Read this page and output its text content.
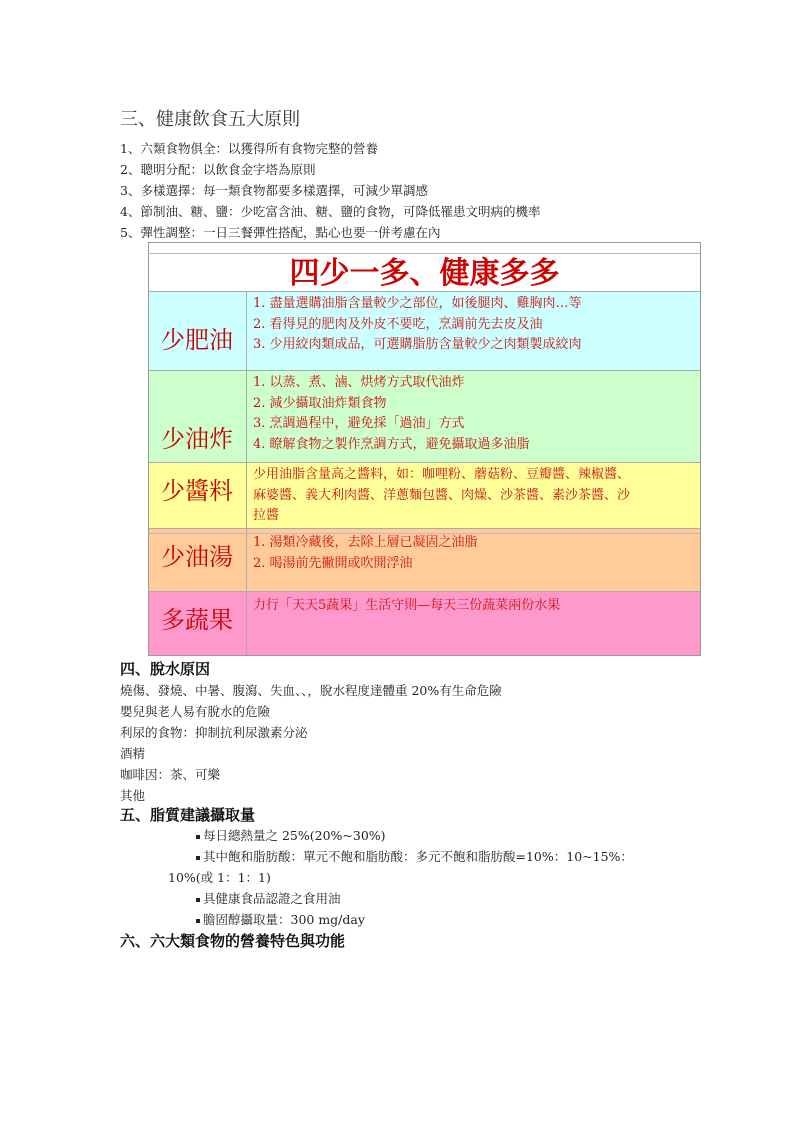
三、健康飲食五大原則
1、六類食物俱全：以獲得所有食物完整的營養
2、聰明分配：以飲食金字塔為原則
3、多樣選擇：每一類食物都要多樣選擇，可減少單調感
4、節制油、糖、鹽：少吃富含油、糖、鹽的食物，可降低罹患文明病的機率
5、彈性調整：一日三餐彈性搭配，點心也要一併考慮在內
四少一多、健康多多
少肥油
1. 盡量選購油脂含量較少之部位，如後腿肉、雞胸肉…等
2. 看得見的肥肉及外皮不要吃，烹調前先去皮及油
3. 少用絞肉類成品，可選購脂肪含量較少之肉類製成絞肉
少油炸
1. 以蒸、煮、滷、烘烤方式取代油炸
2. 減少攝取油炸類食物
3. 烹調過程中，避免採「過油」方式
4. 瞭解食物之製作烹調方式，避免攝取過多油脂
少醬料
少用油脂含量高之醬料，如：咖哩粉、蘑菇粉、豆瓣醬、辣椒醬、
麻婆醬、義大利肉醬、洋蔥麵包醬、肉燥、沙茶醬、素沙茶醬、沙
拉醬
少油湯
1. 湯類冷藏後，去除上層已凝固之油脂
2. 喝湯前先撇開或吹開浮油
多蔬果
力行「天天5蔬果」生活守則—每天三份蔬菜兩份水果
四、脫水原因
燒傷、發燒、中暑、腹瀉、失血、、，脫水程度達體重 20%有生命危險
嬰兒與老人易有脫水的危險
利尿的食物：抑制抗利尿激素分泌
酒精
咖啡因：茶、可樂
其他
五、脂質建議攝取量
每日總熱量之 25%(20%~30%)
其中飽和脂肪酸：單元不飽和脂肪酸：多元不飽和脂肪酸=10%：10~15%：
10%(或 1：1：1)
具健康食品認證之食用油
膽固醇攝取量：300 mg/day
六、六大類食物的營養特色與功能
